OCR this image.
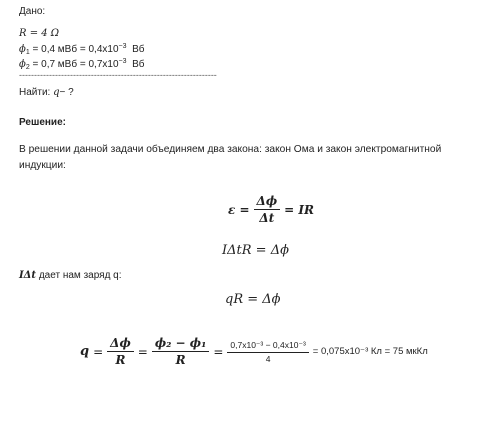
Дано:
R = 4 Ω
$\phi_1 = 0,4$ мВб = $0,4х10^{-3}$ Вб
$\phi_2 = 0,7$ мВб = $0,7х10^{-3}$ Вб
------------------------------------------------------------------
Найти: q− ?
Решение:
В решении данной задачи объединяем два закона: закон Ома и закон электромагнитной
индукции:
$\varepsilon = \frac{\Delta\phi}{\Delta t}$ = IR
IΔtR = Δϕ
IΔt дает нам заряд q:
qR = Δϕ
$q = \frac{\Delta\phi}{R} = \frac{\text{ϕ₂ − ϕ₁}}{R} = \frac{\text{0,7х10⁻³ − 0,4х10⁻³}}{4} = 0,075х10^{-3}$ Кл = 75 мкКл
